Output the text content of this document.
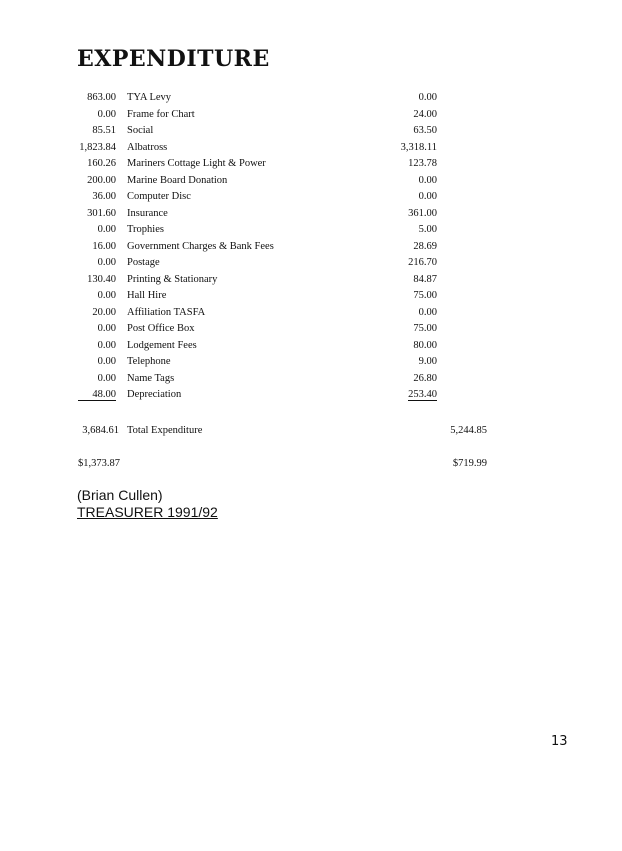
EXPENDITURE
863.00 TYA Levy	0.00
0.00 Frame for Chart	24.00
85.51 Social	63.50
1,823.84 Albatross	3,318.11
160.26 Mariners Cottage Light & Power	123.78
200.00 Marine Board Donation	0.00
36.00 Computer Disc	0.00
301.60 Insurance	361.00
0.00 Trophies	5.00
16.00 Government Charges & Bank Fees	28.69
0.00 Postage	216.70
130.40 Printing & Stationary	84.87
0.00 Hall Hire	75.00
20.00 Affiliation TASFA	0.00
0.00 Post Office Box	75.00
0.00 Lodgement Fees	80.00
0.00 Telephone	9.00
0.00 Name Tags	26.80
48.00 Depreciation	253.40
3,684.61 Total Expenditure	5,244.85
$1,373.87	$719.99
(Brian Cullen)
TREASURER 1991/92
13
